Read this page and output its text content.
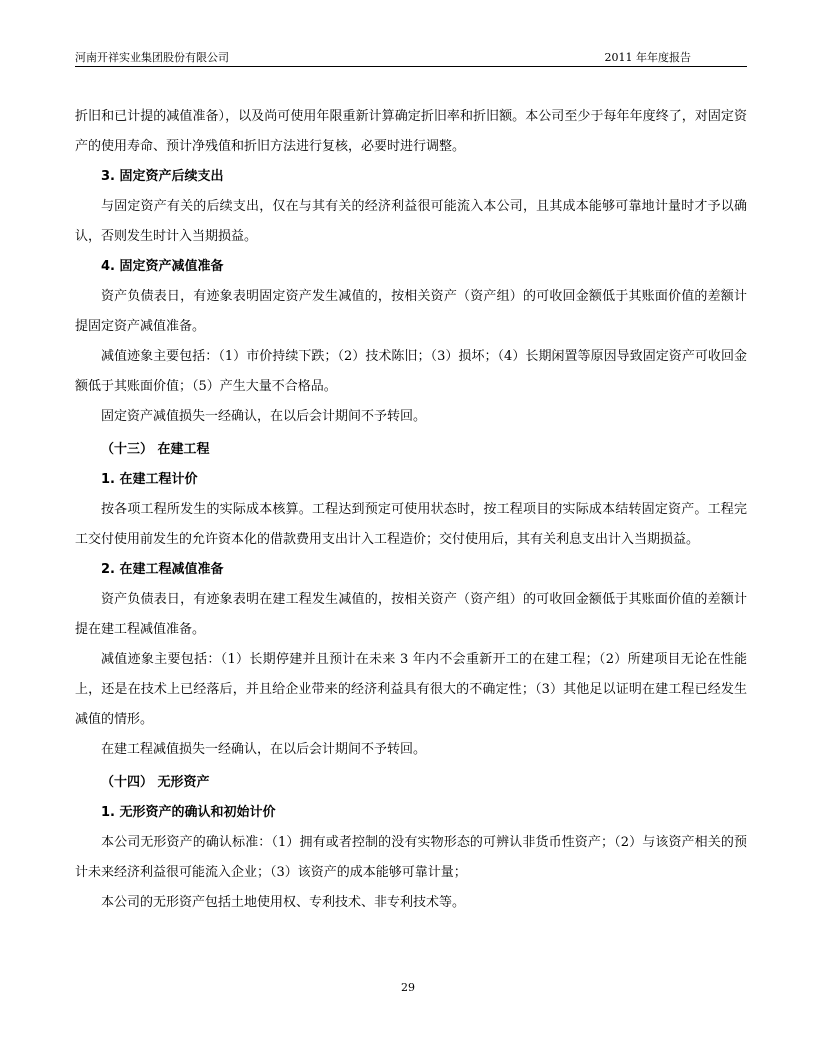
河南开祥实业集团股份有限公司	2011 年年度报告

折旧和已计提的减值准备），以及尚可使用年限重新计算确定折旧率和折旧额。本公司至少于每年年度终了，对固定资产的使用寿命、预计净残值和折旧方法进行复核，必要时进行调整。

3. 固定资产后续支出

与固定资产有关的后续支出，仅在与其有关的经济利益很可能流入本公司，且其成本能够可靠地计量时才予以确认，否则发生时计入当期损益。

4. 固定资产减值准备

资产负债表日，有迹象表明固定资产发生减值的，按相关资产（资产组）的可收回金额低于其账面价值的差额计提固定资产减值准备。

减值迹象主要包括：（1）市价持续下跌；（2）技术陈旧；（3）损坏；（4）长期闲置等原因导致固定资产可收回金额低于其账面价值；（5）产生大量不合格品。

固定资产减值损失一经确认，在以后会计期间不予转回。

（十三） 在建工程

1. 在建工程计价

按各项工程所发生的实际成本核算。工程达到预定可使用状态时，按工程项目的实际成本结转固定资产。工程完工交付使用前发生的允许资本化的借款费用支出计入工程造价；交付使用后，其有关利息支出计入当期损益。

2. 在建工程减值准备

资产负债表日，有迹象表明在建工程发生减值的，按相关资产（资产组）的可收回金额低于其账面价值的差额计提在建工程减值准备。

减值迹象主要包括：（1）长期停建并且预计在未来 3 年内不会重新开工的在建工程；（2）所建项目无论在性能上，还是在技术上已经落后，并且给企业带来的经济利益具有很大的不确定性；（3）其他足以证明在建工程已经发生减值的情形。

在建工程减值损失一经确认，在以后会计期间不予转回。

（十四） 无形资产

1. 无形资产的确认和初始计价

本公司无形资产的确认标准：（1）拥有或者控制的没有实物形态的可辨认非货币性资产；（2）与该资产相关的预计未来经济利益很可能流入企业；（3）该资产的成本能够可靠计量；

本公司的无形资产包括土地使用权、专利技术、非专利技术等。

29
